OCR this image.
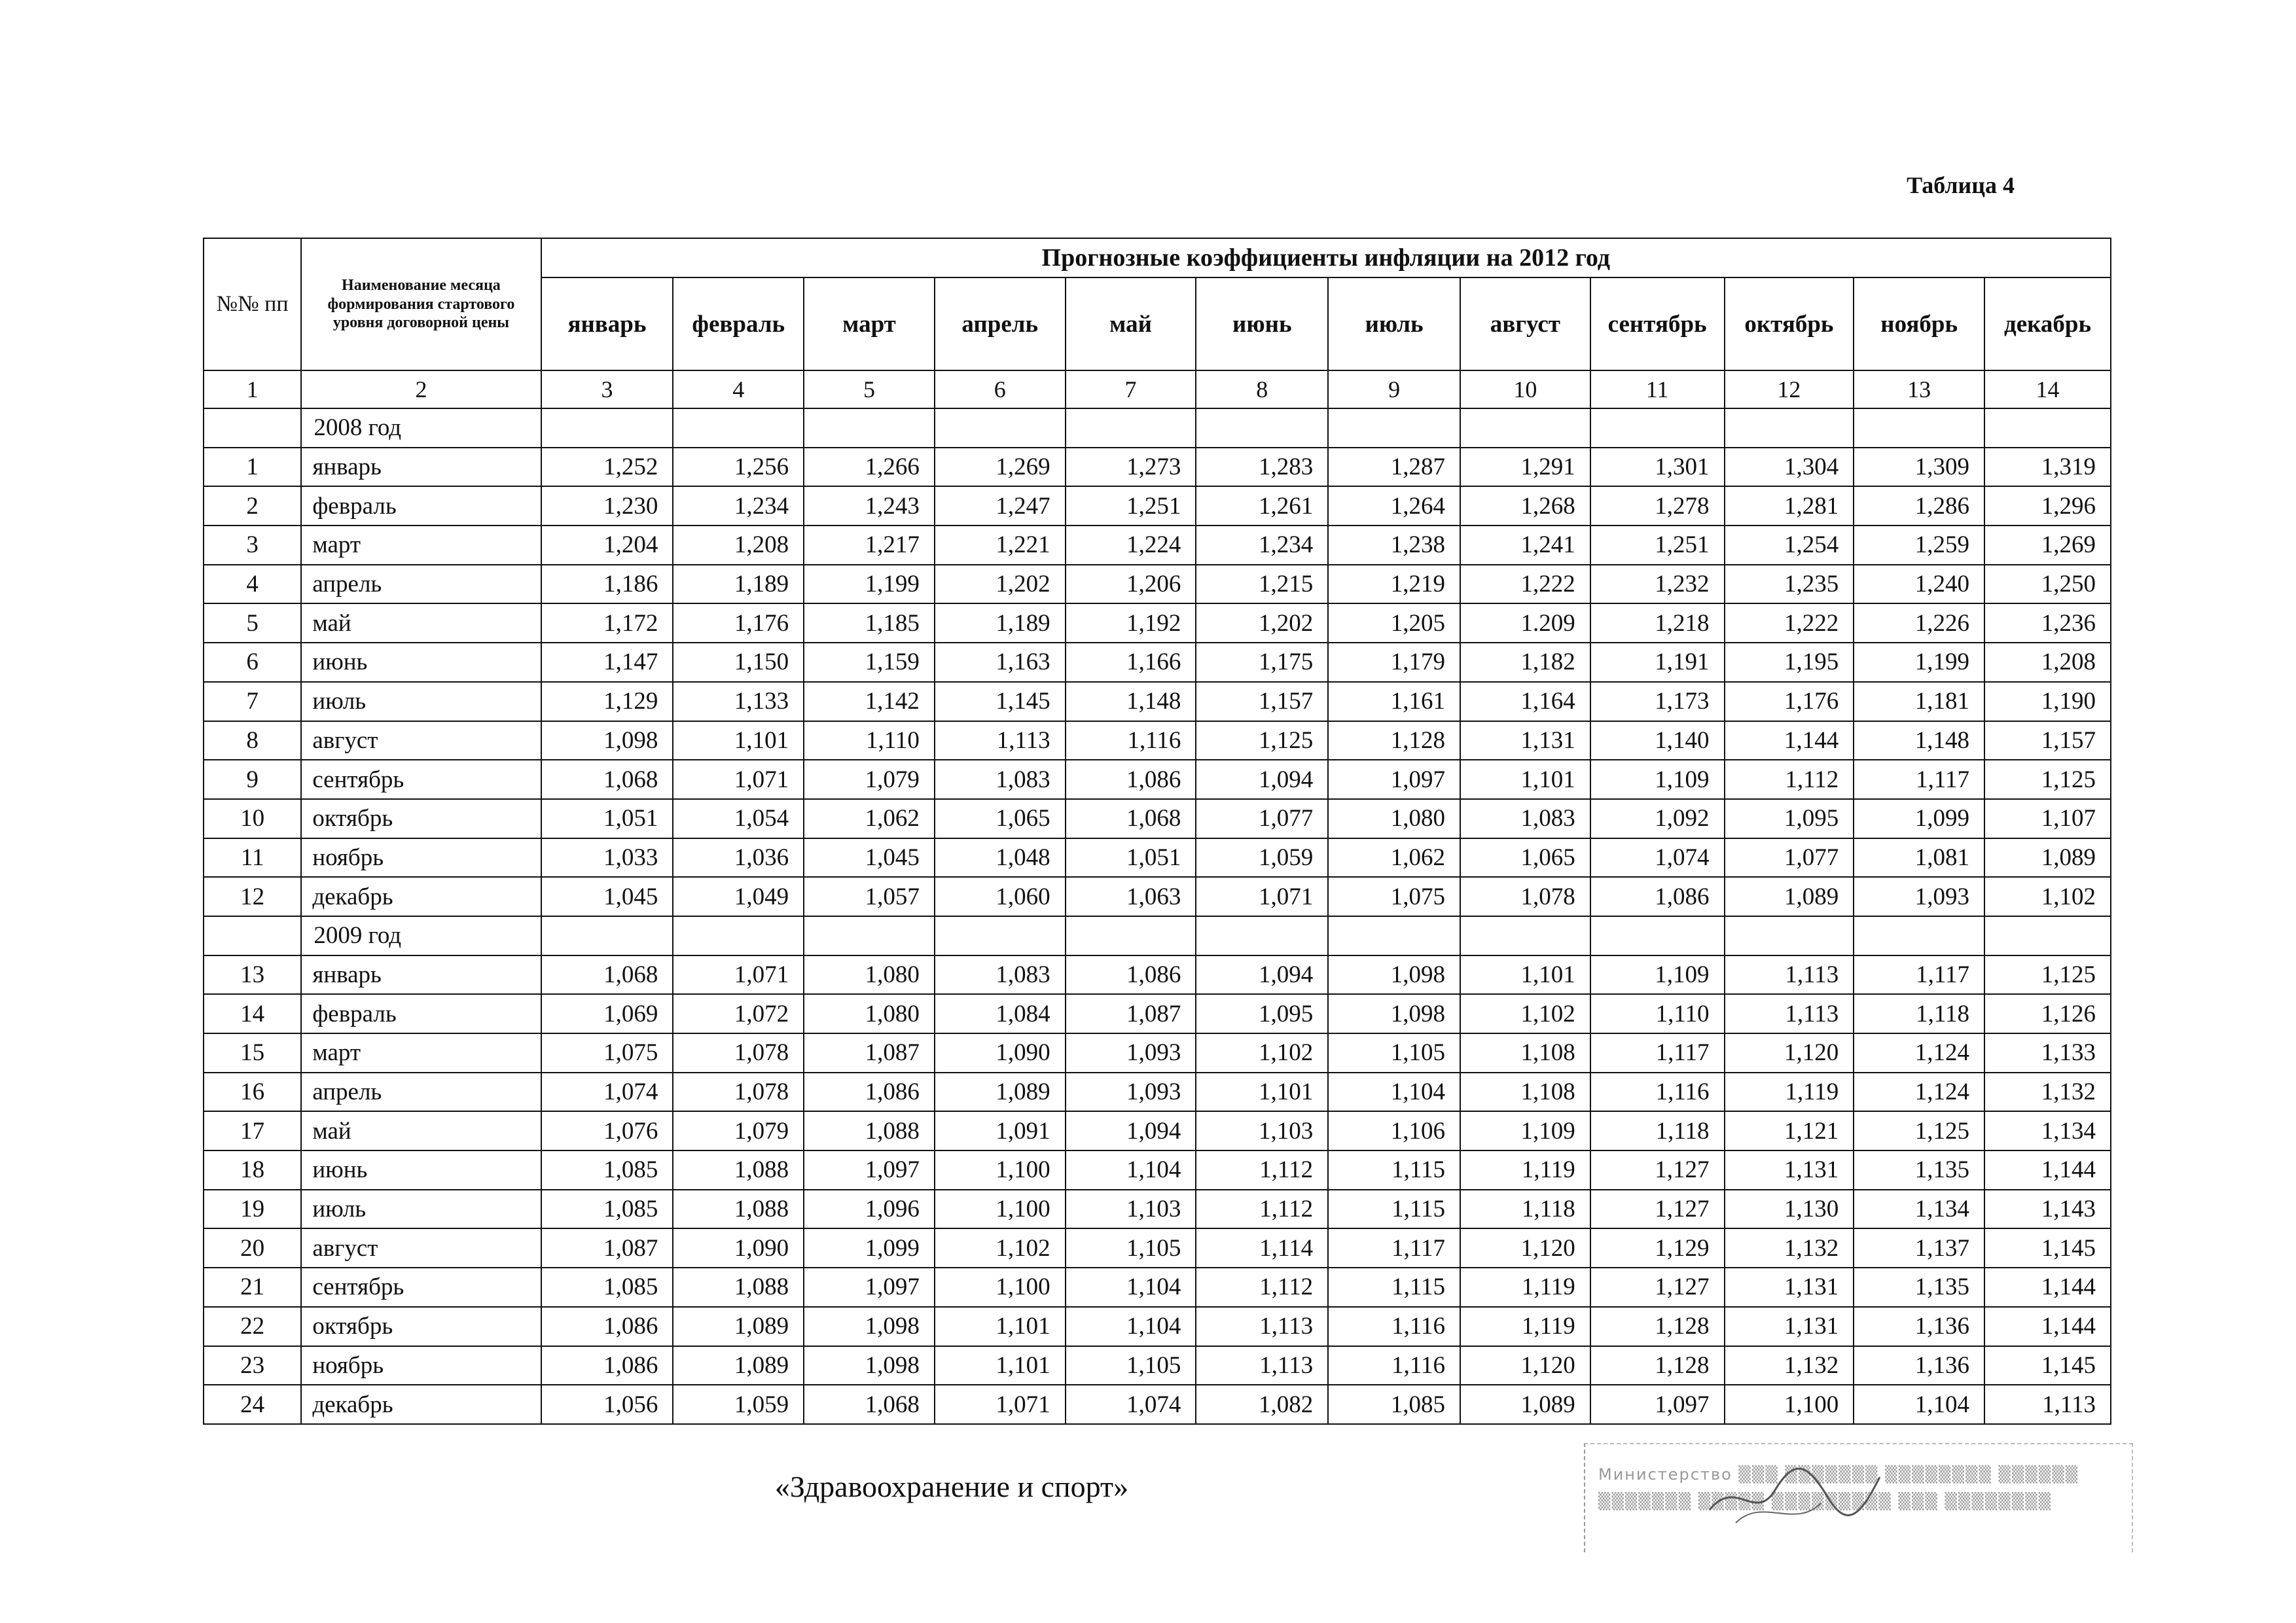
Таблица 4
№№ пп	Наименование месяца формирования стартового уровня договорной цены	Прогнозные коэффициенты инфляции на 2012 год											
		январь	февраль	март	апрель	май	июнь	июль	август	сентябрь	октябрь	ноябрь	декабрь
1	2	3	4	5	6	7	8	9	10	11	12	13	14
	2008 год												
1	январь	1,252	1,256	1,266	1,269	1,273	1,283	1,287	1,291	1,301	1,304	1,309	1,319
2	февраль	1,230	1,234	1,243	1,247	1,251	1,261	1,264	1,268	1,278	1,281	1,286	1,296
3	март	1,204	1,208	1,217	1,221	1,224	1,234	1,238	1,241	1,251	1,254	1,259	1,269
4	апрель	1,186	1,189	1,199	1,202	1,206	1,215	1,219	1,222	1,232	1,235	1,240	1,250
5	май	1,172	1,176	1,185	1,189	1,192	1,202	1,205	1.209	1,218	1,222	1,226	1,236
6	июнь	1,147	1,150	1,159	1,163	1,166	1,175	1,179	1,182	1,191	1,195	1,199	1,208
7	июль	1,129	1,133	1,142	1,145	1,148	1,157	1,161	1,164	1,173	1,176	1,181	1,190
8	август	1,098	1,101	1,110	1,113	1,116	1,125	1,128	1,131	1,140	1,144	1,148	1,157
9	сентябрь	1,068	1,071	1,079	1,083	1,086	1,094	1,097	1,101	1,109	1,112	1,117	1,125
10	октябрь	1,051	1,054	1,062	1,065	1,068	1,077	1,080	1,083	1,092	1,095	1,099	1,107
11	ноябрь	1,033	1,036	1,045	1,048	1,051	1,059	1,062	1,065	1,074	1,077	1,081	1,089
12	декабрь	1,045	1,049	1,057	1,060	1,063	1,071	1,075	1,078	1,086	1,089	1,093	1,102
	2009 год												
13	январь	1,068	1,071	1,080	1,083	1,086	1,094	1,098	1,101	1,109	1,113	1,117	1,125
14	февраль	1,069	1,072	1,080	1,084	1,087	1,095	1,098	1,102	1,110	1,113	1,118	1,126
15	март	1,075	1,078	1,087	1,090	1,093	1,102	1,105	1,108	1,117	1,120	1,124	1,133
16	апрель	1,074	1,078	1,086	1,089	1,093	1,101	1,104	1,108	1,116	1,119	1,124	1,132
17	май	1,076	1,079	1,088	1,091	1,094	1,103	1,106	1,109	1,118	1,121	1,125	1,134
18	июнь	1,085	1,088	1,097	1,100	1,104	1,112	1,115	1,119	1,127	1,131	1,135	1,144
19	июль	1,085	1,088	1,096	1,100	1,103	1,112	1,115	1,118	1,127	1,130	1,134	1,143
20	август	1,087	1,090	1,099	1,102	1,105	1,114	1,117	1,120	1,129	1,132	1,137	1,145
21	сентябрь	1,085	1,088	1,097	1,100	1,104	1,112	1,115	1,119	1,127	1,131	1,135	1,144
22	октябрь	1,086	1,089	1,098	1,101	1,104	1,113	1,116	1,119	1,128	1,131	1,136	1,144
23	ноябрь	1,086	1,089	1,098	1,101	1,105	1,113	1,116	1,120	1,128	1,132	1,136	1,145
24	декабрь	1,056	1,059	1,068	1,071	1,074	1,082	1,085	1,089	1,097	1,100	1,104	1,113
«Здравоохранение и спорт»	Министерство ▒▒▒ ▒▒▒▒▒▒▒ ▒▒▒▒▒▒▒▒ ▒▒▒▒▒▒
▒▒▒▒▒▒▒ ▒▒▒▒▒ ▒▒▒▒▒▒▒▒▒ ▒▒▒ ▒▒▒▒▒▒▒▒
